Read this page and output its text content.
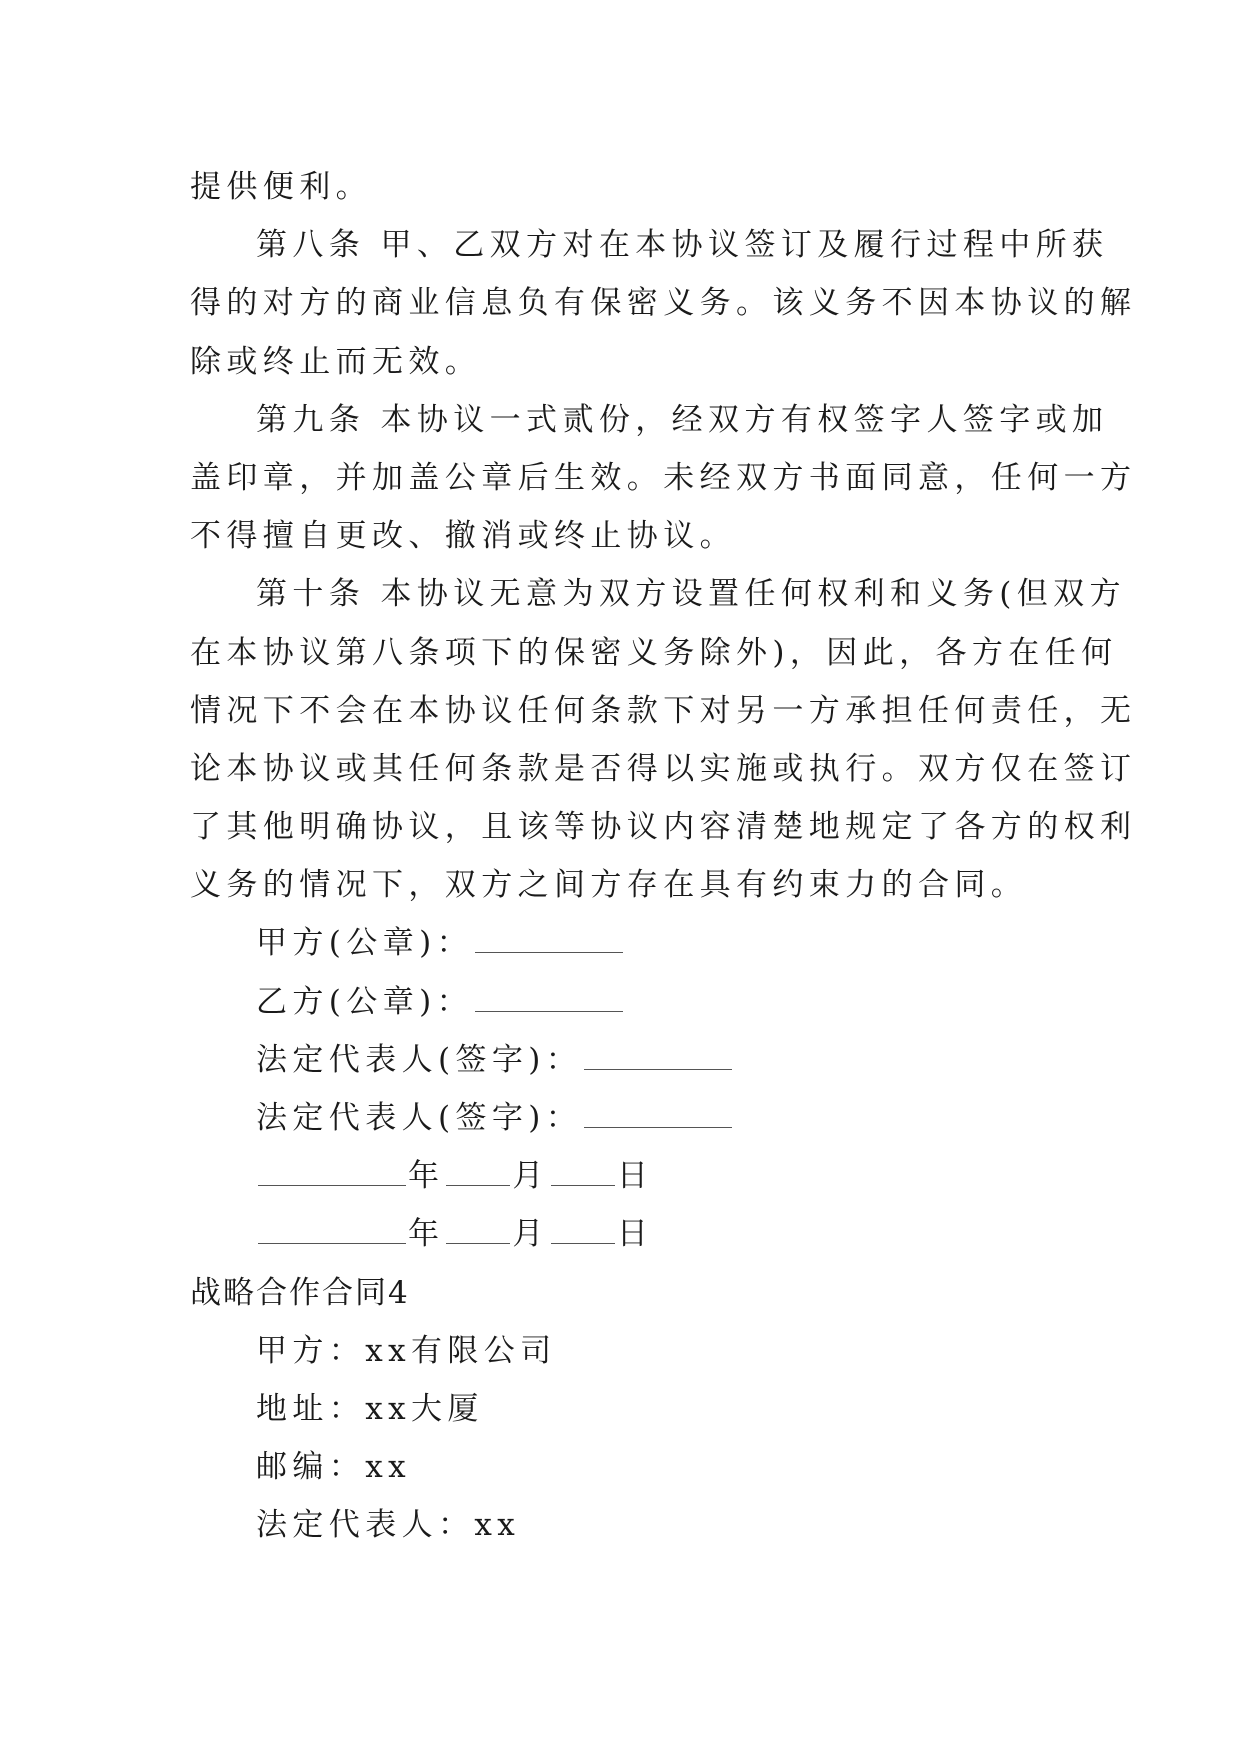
提供便利。

第八条 甲、乙双方对在本协议签订及履行过程中所获

得的对方的商业信息负有保密义务。该义务不因本协议的解

除或终止而无效。

第九条 本协议一式贰份，经双方有权签字人签字或加

盖印章，并加盖公章后生效。未经双方书面同意，任何一方

不得擅自更改、撤消或终止协议。

第十条 本协议无意为双方设置任何权利和义务(但双方

在本协议第八条项下的保密义务除外)，因此，各方在任何

情况下不会在本协议任何条款下对另一方承担任何责任，无

论本协议或其任何条款是否得以实施或执行。双方仅在签订

了其他明确协议，且该等协议内容清楚地规定了各方的权利

义务的情况下，双方之间方存在具有约束力的合同。

甲方(公章)：

乙方(公章)：

法定代表人(签字)：

法定代表人(签字)：

年 月 日

年 月 日

战略合作合同4

甲方：xx有限公司

地址：xx大厦

邮编：xx

法定代表人：xx
